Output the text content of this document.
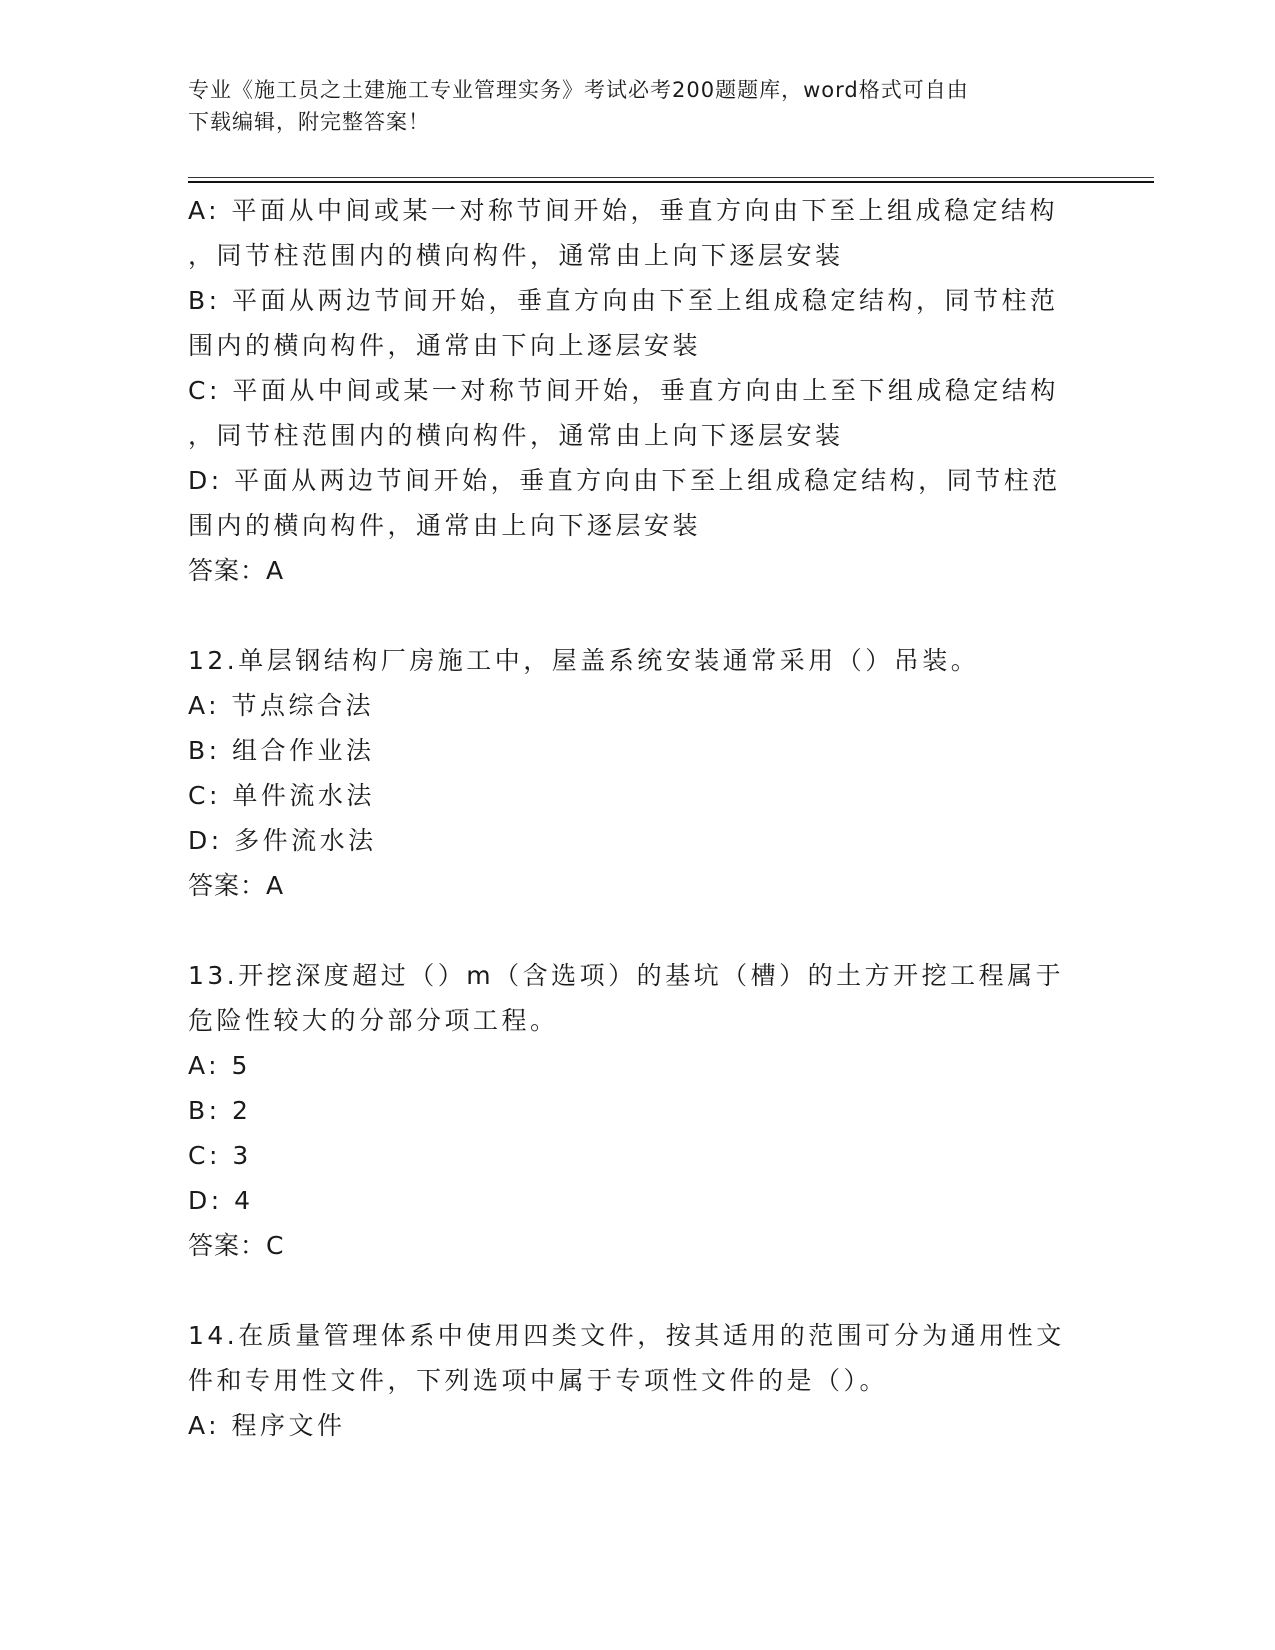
专业《施工员之土建施工专业管理实务》考试必考200题题库，word格式可自由
下载编辑，附完整答案！
A: 平面从中间或某一对称节间开始，垂直方向由下至上组成稳定结构
，同节柱范围内的横向构件，通常由上向下逐层安装
B: 平面从两边节间开始，垂直方向由下至上组成稳定结构，同节柱范
围内的横向构件，通常由下向上逐层安装
C: 平面从中间或某一对称节间开始，垂直方向由上至下组成稳定结构
，同节柱范围内的横向构件，通常由上向下逐层安装
D: 平面从两边节间开始，垂直方向由下至上组成稳定结构，同节柱范
围内的横向构件，通常由上向下逐层安装
答案：A
12.单层钢结构厂房施工中，屋盖系统安装通常采用（）吊装。
A: 节点综合法
B: 组合作业法
C: 单件流水法
D: 多件流水法
答案：A
13.开挖深度超过（）m（含选项）的基坑（槽）的土方开挖工程属于
危险性较大的分部分项工程。
A: 5
B: 2
C: 3
D: 4
答案：C
14.在质量管理体系中使用四类文件，按其适用的范围可分为通用性文
件和专用性文件，下列选项中属于专项性文件的是（）。
A: 程序文件
